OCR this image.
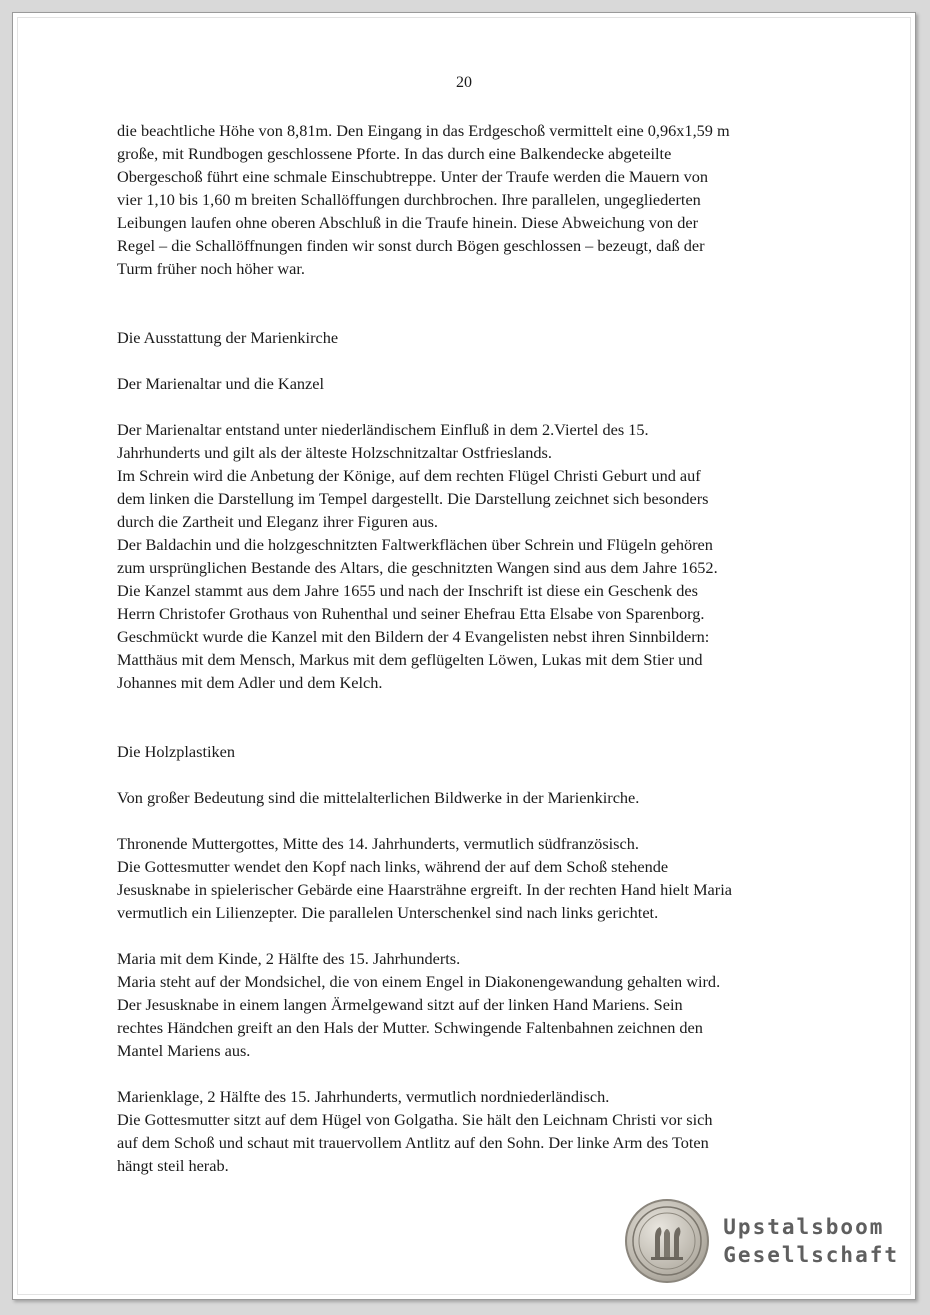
20

die beachtliche Höhe von 8,81m. Den Eingang in das Erdgeschoß vermittelt eine 0,96x1,59 m

große, mit Rundbogen geschlossene Pforte. In das durch eine Balkendecke abgeteilte

Obergeschoß führt eine schmale Einschubtreppe. Unter der Traufe werden die Mauern von

vier 1,10 bis 1,60 m breiten Schallöffungen durchbrochen. Ihre parallelen, ungegliederten

Leibungen laufen ohne oberen Abschluß in die Traufe hinein. Diese Abweichung von der

Regel – die Schallöffnungen finden wir sonst durch Bögen geschlossen – bezeugt, daß der

Turm früher noch höher war.

Die Ausstattung der Marienkirche

Der Marienaltar und die Kanzel

Der Marienaltar entstand unter niederländischem Einfluß in dem 2.Viertel des 15.

Jahrhunderts und gilt als der älteste Holzschnitzaltar Ostfrieslands.

Im Schrein wird die Anbetung der Könige, auf dem rechten Flügel Christi Geburt und auf

dem linken die Darstellung im Tempel dargestellt. Die Darstellung zeichnet sich besonders

durch die Zartheit und Eleganz ihrer Figuren aus.

Der Baldachin und die holzgeschnitzten Faltwerkflächen über Schrein und Flügeln gehören

zum ursprünglichen Bestande des Altars, die geschnitzten Wangen sind aus dem Jahre 1652.

Die Kanzel stammt aus dem Jahre 1655 und nach der Inschrift ist diese ein Geschenk des

Herrn Christofer Grothaus von Ruhenthal und seiner Ehefrau Etta Elsabe von Sparenborg.

Geschmückt wurde die Kanzel mit den Bildern der 4 Evangelisten nebst ihren Sinnbildern:

Matthäus mit dem Mensch, Markus mit dem geflügelten Löwen, Lukas mit dem Stier und

Johannes mit dem Adler und dem Kelch.

Die Holzplastiken

Von großer Bedeutung sind die mittelalterlichen Bildwerke in der Marienkirche.

Thronende Muttergottes, Mitte des 14. Jahrhunderts, vermutlich südfranzösisch.

Die Gottesmutter wendet den Kopf nach links, während der auf dem Schoß stehende

Jesusknabe in spielerischer Gebärde eine Haarsträhne ergreift. In der rechten Hand hielt Maria

vermutlich ein Lilienzepter. Die parallelen Unterschenkel sind nach links gerichtet.

Maria mit dem Kinde, 2 Hälfte des 15. Jahrhunderts.

Maria steht auf der Mondsichel, die von einem Engel in Diakonengewandung gehalten wird.

Der Jesusknabe in einem langen Ärmelgewand sitzt auf der linken Hand Mariens. Sein

rechtes Händchen greift an den Hals der Mutter. Schwingende Faltenbahnen zeichnen den

Mantel Mariens aus.

Marienklage, 2 Hälfte des 15. Jahrhunderts, vermutlich nordniederländisch.

Die Gottesmutter sitzt auf dem Hügel von Golgatha. Sie hält den Leichnam Christi vor sich

auf dem Schoß und schaut mit trauervollem Antlitz auf den Sohn. Der linke Arm des Toten

hängt steil herab.

Upstalsboom
Gesellschaft
